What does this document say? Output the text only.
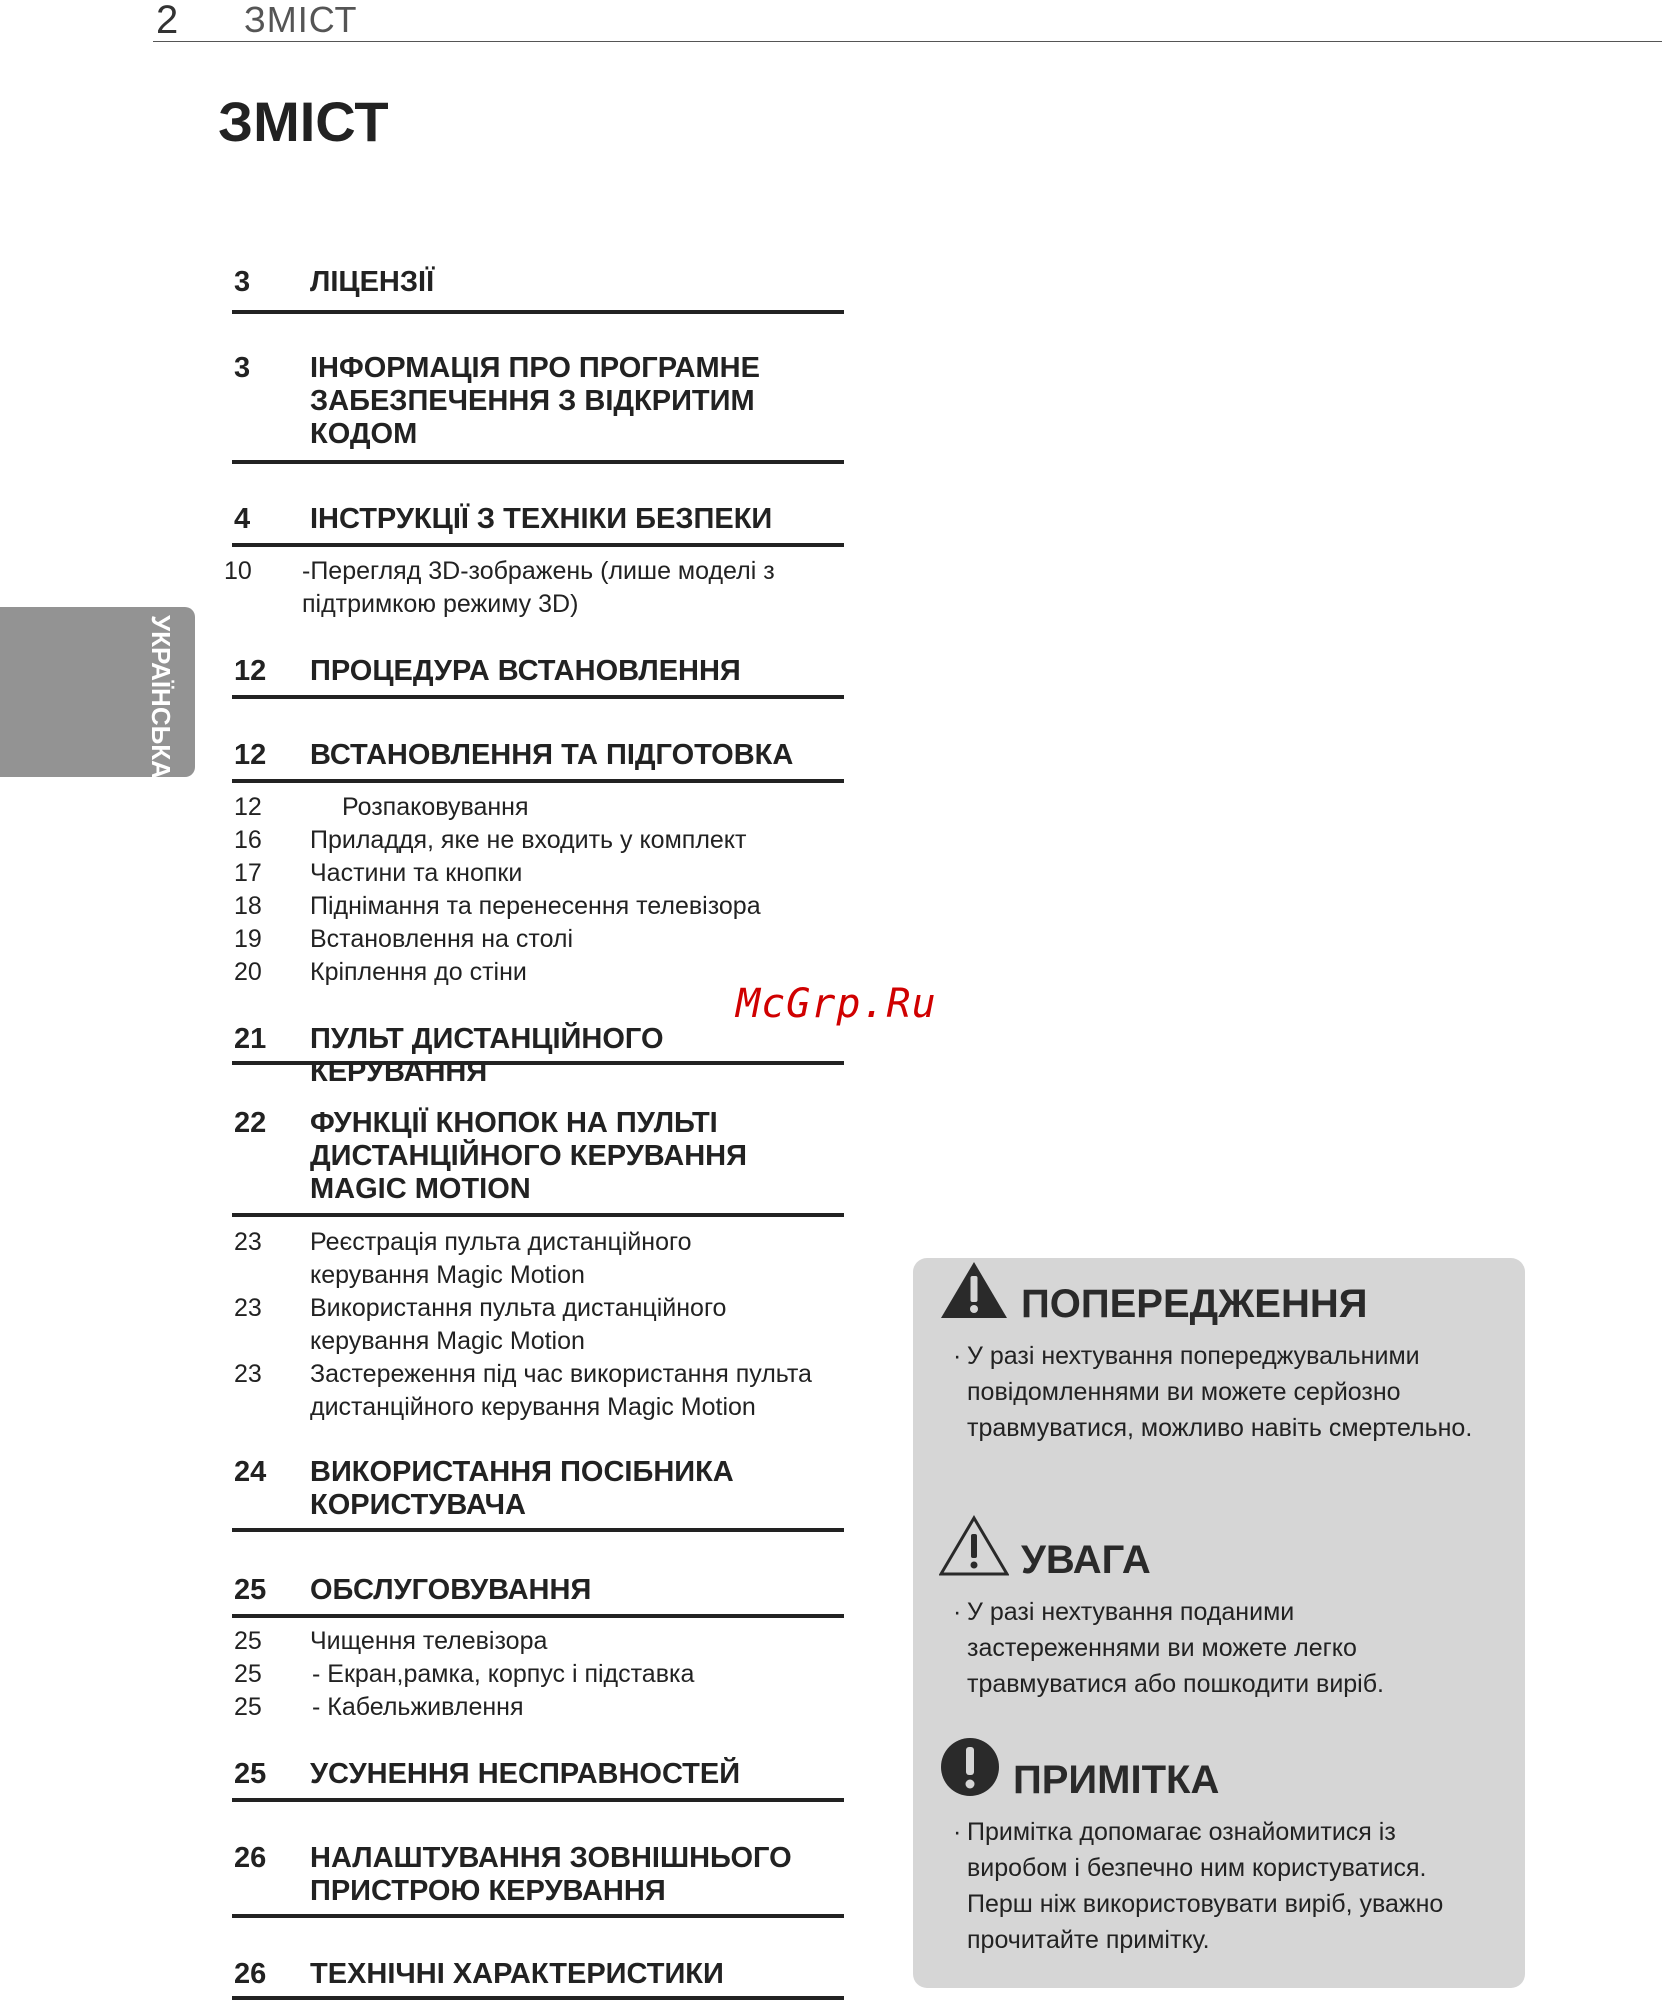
2 ЗМІСТ
ЗМІСТ
УКРАЇНСЬКА
3 ЛІЦЕНЗІЇ
3 ІНФОРМАЦІЯ ПРО ПРОГРАМНЕ ЗАБЕЗПЕЧЕННЯ З ВІДКРИТИМ КОДОМ
4 ІНСТРУКЦІЇ З ТЕХНІКИ БЕЗПЕКИ
10 -Перегляд 3D-зображень (лише моделі з підтримкою режиму 3D)
12 ПРОЦЕДУРА ВСТАНОВЛЕННЯ
12 ВСТАНОВЛЕННЯ ТА ПІДГОТОВКА
12	Розпаковування
16 Приладдя, яке не входить у комплект
17 Частини та кнопки
18 Піднімання та перенесення телевізора
19 Встановлення на столі
20 Кріплення до стіни
21 ПУЛЬТ ДИСТАНЦІЙНОГО КЕРУВАННЯ
22 ФУНКЦІЇ КНОПОК НА ПУЛЬТІ ДИСТАНЦІЙНОГО КЕРУВАННЯ MAGIC MOTION
23 Реєстрація пульта дистанційного керування Magic Motion
23 Використання пульта дистанційного керування Magic Motion
23 Застереження під час використання пульта дистанційного керування Magic Motion
24 ВИКОРИСТАННЯ ПОСІБНИКА КОРИСТУВАЧА
25 ОБСЛУГОВУВАННЯ
25 Чищення телевізора
25 - Екран,рамка, корпус і підставка
25 - Кабельживлення
25 УСУНЕННЯ НЕСПРАВНОСТЕЙ
26 НАЛАШТУВАННЯ ЗОВНІШНЬОГО ПРИСТРОЮ КЕРУВАННЯ
26 ТЕХНІЧНІ ХАРАКТЕРИСТИКИ
McGrp.Ru
ПОПЕРЕДЖЕННЯ
· У разі нехтування попереджувальними повідомленнями ви можете серйозно травмуватися, можливо навіть смертельно.
УВАГА
· У разі нехтування поданими застереженнями ви можете легко травмуватися або пошкодити виріб.
ПРИМІТКА
· Примітка допомагає ознайомитися із виробом і безпечно ним користуватися. Перш ніж використовувати виріб, уважно прочитайте примітку.
